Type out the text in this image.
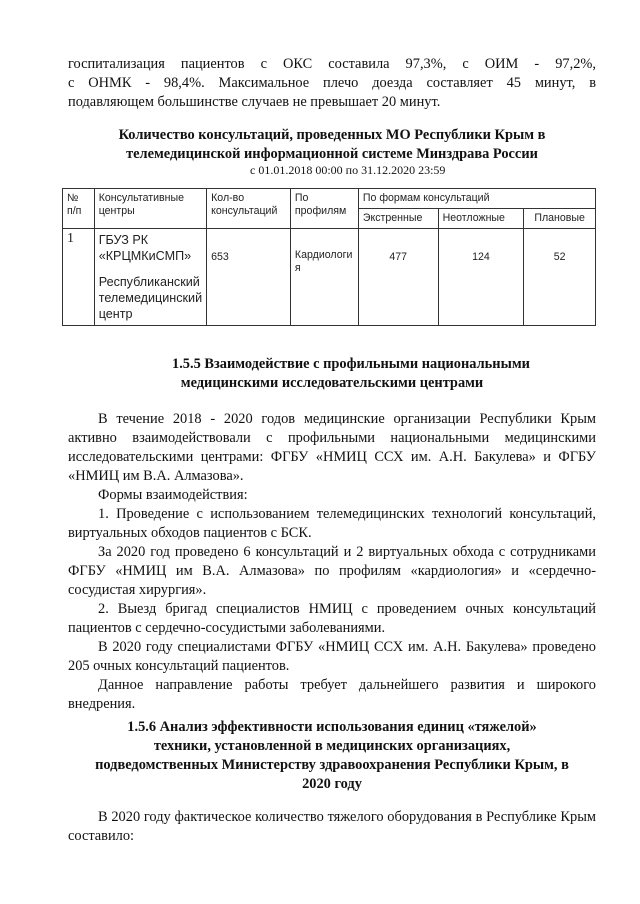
госпитализация пациентов с ОКС составила 97,3%, с ОИМ - 97,2%,

с ОНМК - 98,4%. Максимальное плечо доезда составляет 45 минут, в

подавляющем большинстве случаев не превышает 20 минут.

Количество консультаций, проведенных МО Республики Крым в

телемедицинской информационной системе Минздрава России

с 01.01.2018 00:00 по 31.12.2020 23:59
№ п/п	Консультативные центры	Кол-во консультаций	По профилям	По формам консультаций		
				Экстренные	Неотложные	Плановые
1	ГБУЗ РК
«КРЦМКиСМП»
Республиканский
телемедицинский
центр	653	Кардиологи я	477	124	52

1.5.5 Взаимодействие с профильными национальными

медицинскими исследовательскими центрами

В течение 2018 - 2020 годов медицинские организации Республики Крым активно взаимодействовали с профильными национальными медицинскими исследовательскими центрами: ФГБУ «НМИЦ ССХ им. А.Н. Бакулева» и ФГБУ «НМИЦ им В.А. Алмазова».

Формы взаимодействия:

1. Проведение с использованием телемедицинских технологий консультаций, виртуальных обходов пациентов с БСК.

За 2020 год проведено 6 консультаций и 2 виртуальных обхода с сотрудниками ФГБУ «НМИЦ им В.А. Алмазова» по профилям «кардиология» и «сердечно-сосудистая хирургия».

2. Выезд бригад специалистов НМИЦ с проведением очных консультаций пациентов с сердечно-сосудистыми заболеваниями.

В 2020 году специалистами ФГБУ «НМИЦ ССХ им. А.Н. Бакулева» проведено 205 очных консультаций пациентов.

Данное направление работы требует дальнейшего развития и широкого внедрения.

1.5.6 Анализ эффективности использования единиц «тяжелой»

техники, установленной в медицинских организациях,

подведомственных Министерству здравоохранения Республики Крым, в

2020 году

В 2020 году фактическое количество тяжелого оборудования в Республике Крым составило:
